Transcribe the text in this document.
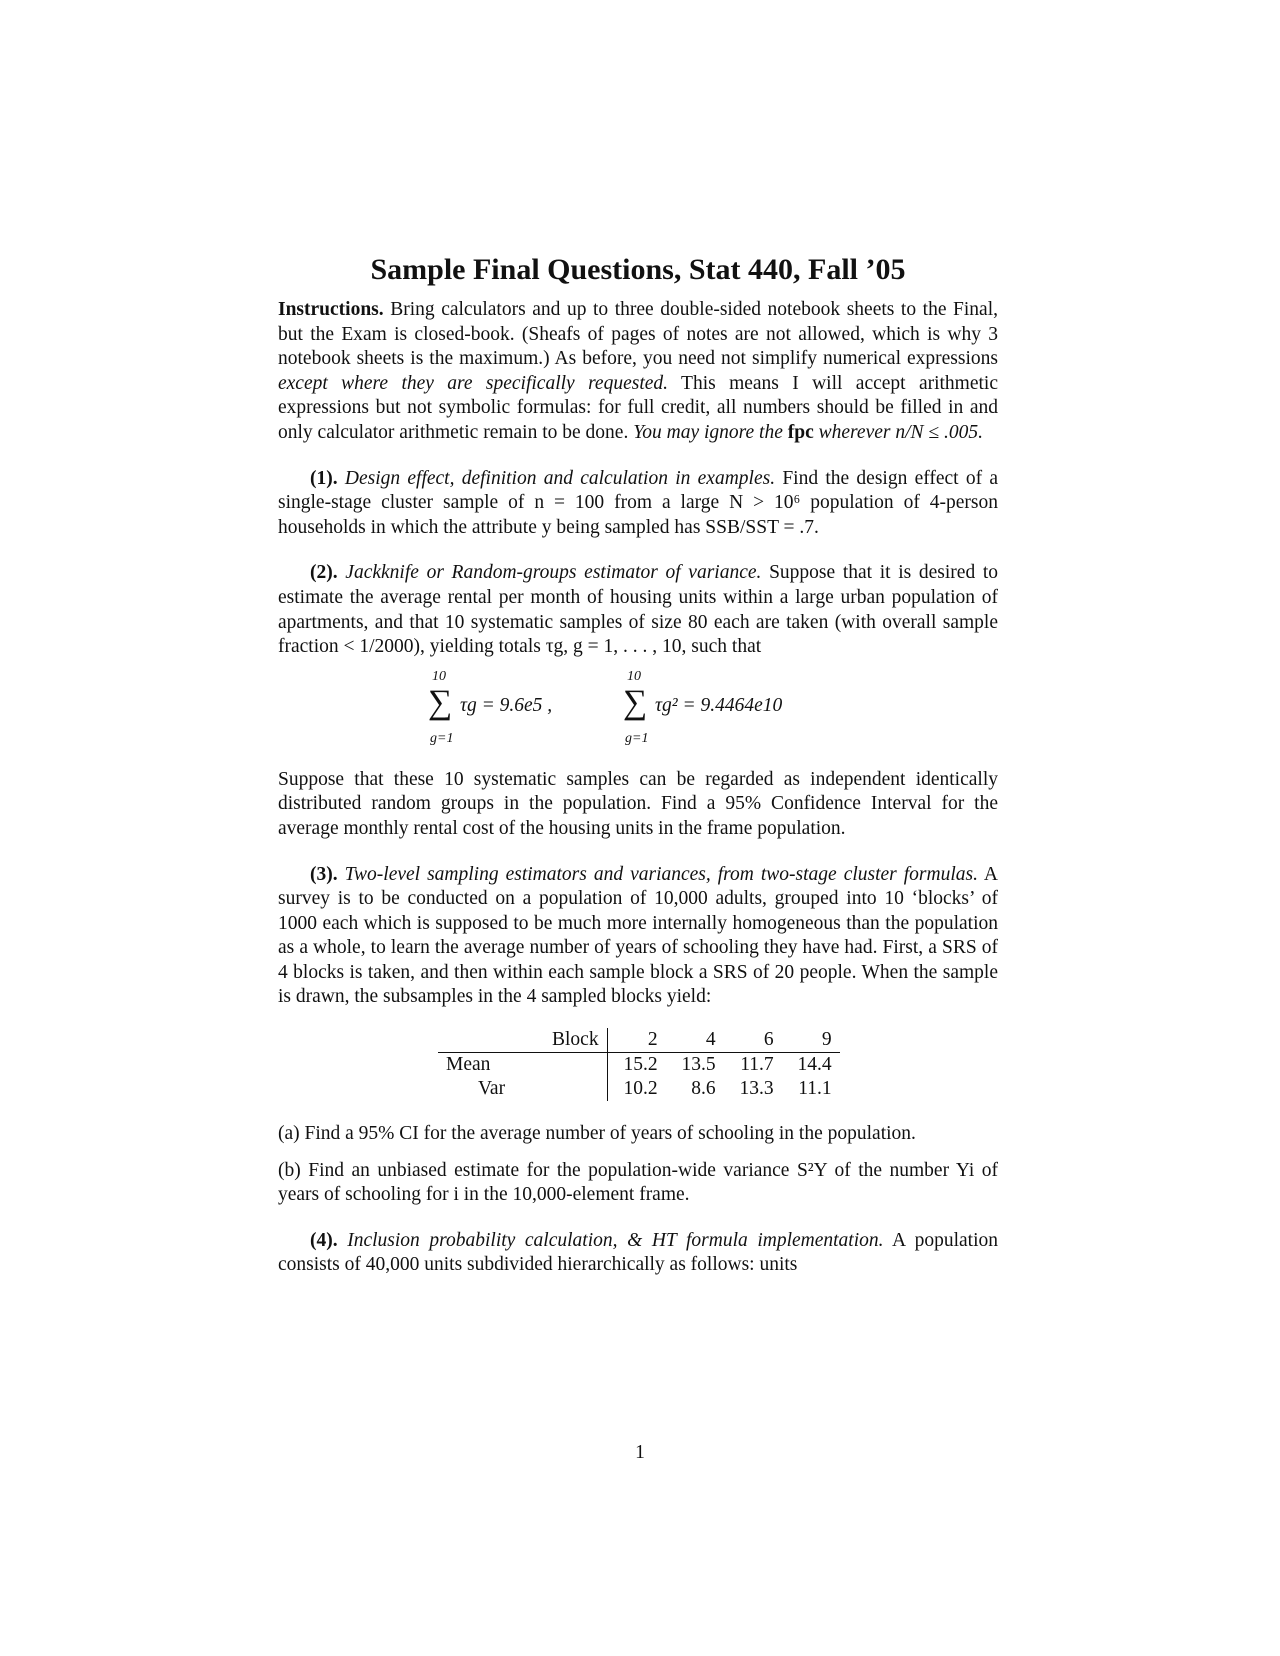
Sample Final Questions, Stat 440, Fall ’05

Instructions. Bring calculators and up to three double-sided notebook sheets to the Final, but the Exam is closed-book. (Sheafs of pages of notes are not allowed, which is why 3 notebook sheets is the maximum.) As before, you need not simplify numerical expressions except where they are specifically requested. This means I will accept arithmetic expressions but not symbolic formulas: for full credit, all numbers should be filled in and only calculator arithmetic remain to be done. You may ignore the fpc wherever n/N ≤ .005.

(1). Design effect, definition and calculation in examples. Find the design effect of a single-stage cluster sample of n = 100 from a large N > 10⁶ population of 4-person households in which the attribute y being sampled has SSB/SST = .7.

(2). Jackknife or Random-groups estimator of variance. Suppose that it is desired to estimate the average rental per month of housing units within a large urban population of apartments, and that 10 systematic samples of size 80 each are taken (with overall sample fraction < 1/2000), yielding totals τg, g = 1, . . . , 10, such that

10
∑
g=1
τg = 9.6e5 ,
10
∑
g=1
τg² = 9.4464e10

Suppose that these 10 systematic samples can be regarded as independent identically distributed random groups in the population. Find a 95% Confidence Interval for the average monthly rental cost of the housing units in the frame population.

(3). Two-level sampling estimators and variances, from two-stage cluster formulas. A survey is to be conducted on a population of 10,000 adults, grouped into 10 ‘blocks’ of 1000 each which is supposed to be much more internally homogeneous than the population as a whole, to learn the average number of years of schooling they have had. First, a SRS of 4 blocks is taken, and then within each sample block a SRS of 20 people. When the sample is drawn, the subsamples in the 4 sampled blocks yield:

	Block	2	4	6	9
Mean		15.2	13.5	11.7	14.4
Var		10.2	8.6	13.3	11.1

(a) Find a 95% CI for the average number of years of schooling in the population.

(b) Find an unbiased estimate for the population-wide variance S²Y of the number Yi of years of schooling for i in the 10,000-element frame.

(4). Inclusion probability calculation, & HT formula implementation. A population consists of 40,000 units subdivided hierarchically as follows: units

1
